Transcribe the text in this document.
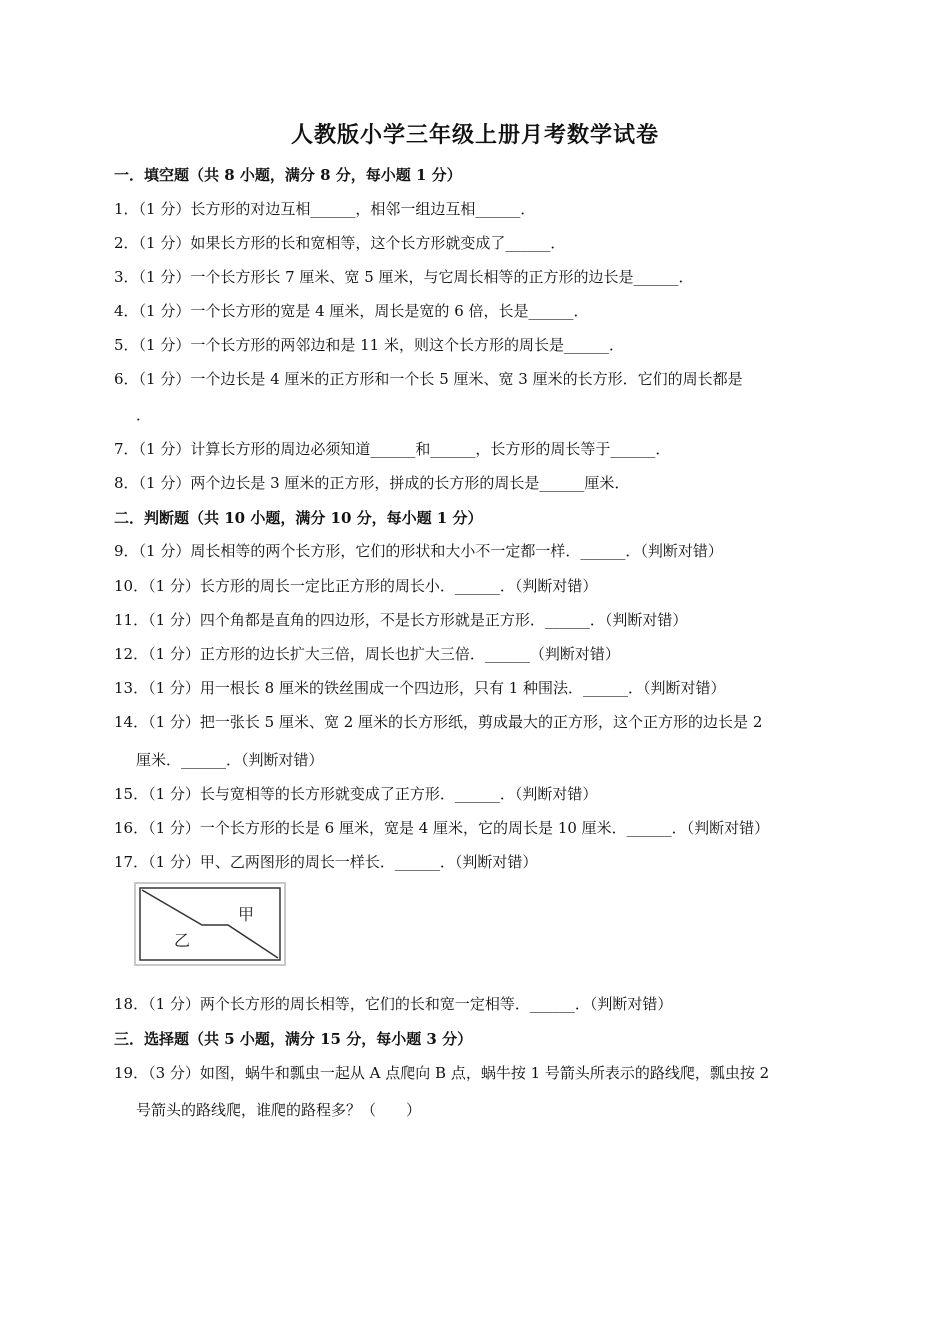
人教版小学三年级上册月考数学试卷
一．填空题（共 8 小题，满分 8 分，每小题 1 分）
1．（1 分）长方形的对边互相______，相邻一组边互相______．
2．（1 分）如果长方形的长和宽相等，这个长方形就变成了______．
3．（1 分）一个长方形长 7 厘米、宽 5 厘米，与它周长相等的正方形的边长是______．
4．（1 分）一个长方形的宽是 4 厘米，周长是宽的 6 倍，长是______．
5．（1 分）一个长方形的两邻边和是 11 米，则这个长方形的周长是______．
6．（1 分）一个边长是 4 厘米的正方形和一个长 5 厘米、宽 3 厘米的长方形．它们的周长都是
．
7．（1 分）计算长方形的周边必须知道______和______，长方形的周长等于______．
8．（1 分）两个边长是 3 厘米的正方形，拼成的长方形的周长是______厘米．
二．判断题（共 10 小题，满分 10 分，每小题 1 分）
9．（1 分）周长相等的两个长方形，它们的形状和大小不一定都一样．______．（判断对错）
10．（1 分）长方形的周长一定比正方形的周长小．______．（判断对错）
11．（1 分）四个角都是直角的四边形，不是长方形就是正方形．______．（判断对错）
12．（1 分）正方形的边长扩大三倍，周长也扩大三倍．______（判断对错）
13．（1 分）用一根长 8 厘米的铁丝围成一个四边形，只有 1 种围法．______．（判断对错）
14．（1 分）把一张长 5 厘米、宽 2 厘米的长方形纸，剪成最大的正方形，这个正方形的边长是 2
厘米．______．（判断对错）
15．（1 分）长与宽相等的长方形就变成了正方形．______．（判断对错）
16．（1 分）一个长方形的长是 6 厘米，宽是 4 厘米，它的周长是 10 厘米．______．（判断对错）
17．（1 分）甲、乙两图形的周长一样长．______．（判断对错）
甲
乙
18．（1 分）两个长方形的周长相等，它们的长和宽一定相等．______．（判断对错）
三．选择题（共 5 小题，满分 15 分，每小题 3 分）
19．（3 分）如图，蜗牛和瓢虫一起从 A 点爬向 B 点，蜗牛按 1 号箭头所表示的路线爬，瓢虫按 2
号箭头的路线爬，谁爬的路程多？（　　）
